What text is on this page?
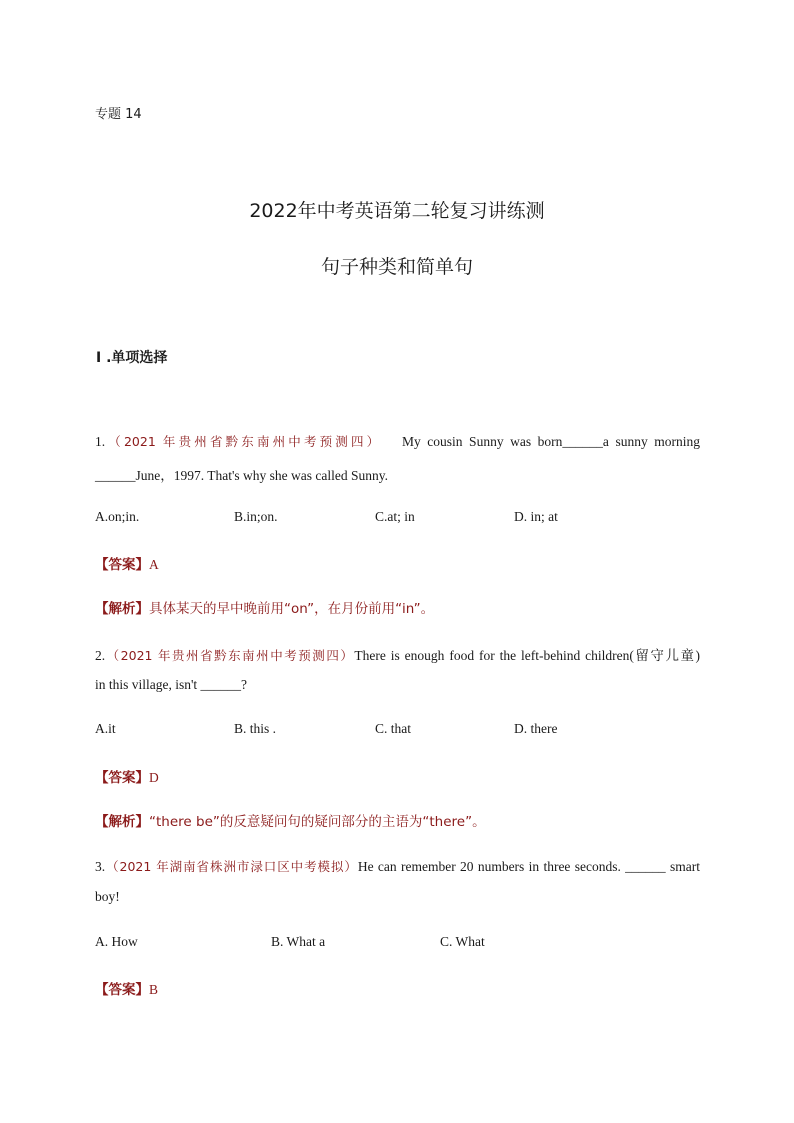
专题 14
2022年中考英语第二轮复习讲练测
句子种类和简单句
I .单项选择
1.（2021 年贵州省黔东南州中考预测四） My cousin Sunny was born______a sunny morning
______June，1997. That's why she was called Sunny.
A.on;in.	B.in;on.	C.at; in	D. in; at
【答案】A
【解析】具体某天的早中晚前用“on”，在月份前用“in”。
2.（2021 年贵州省黔东南州中考预测四）There is enough food for the left-behind children(留守儿童)
in this village, isn't ______?
A.it	B. this .	C. that	D. there
【答案】D
【解析】“there be”的反意疑问句的疑问部分的主语为“there”。
3.（2021 年湖南省株洲市渌口区中考模拟）He can remember 20 numbers in three seconds. ______ smart
boy!
A. How	B. What a	C. What
【答案】B
